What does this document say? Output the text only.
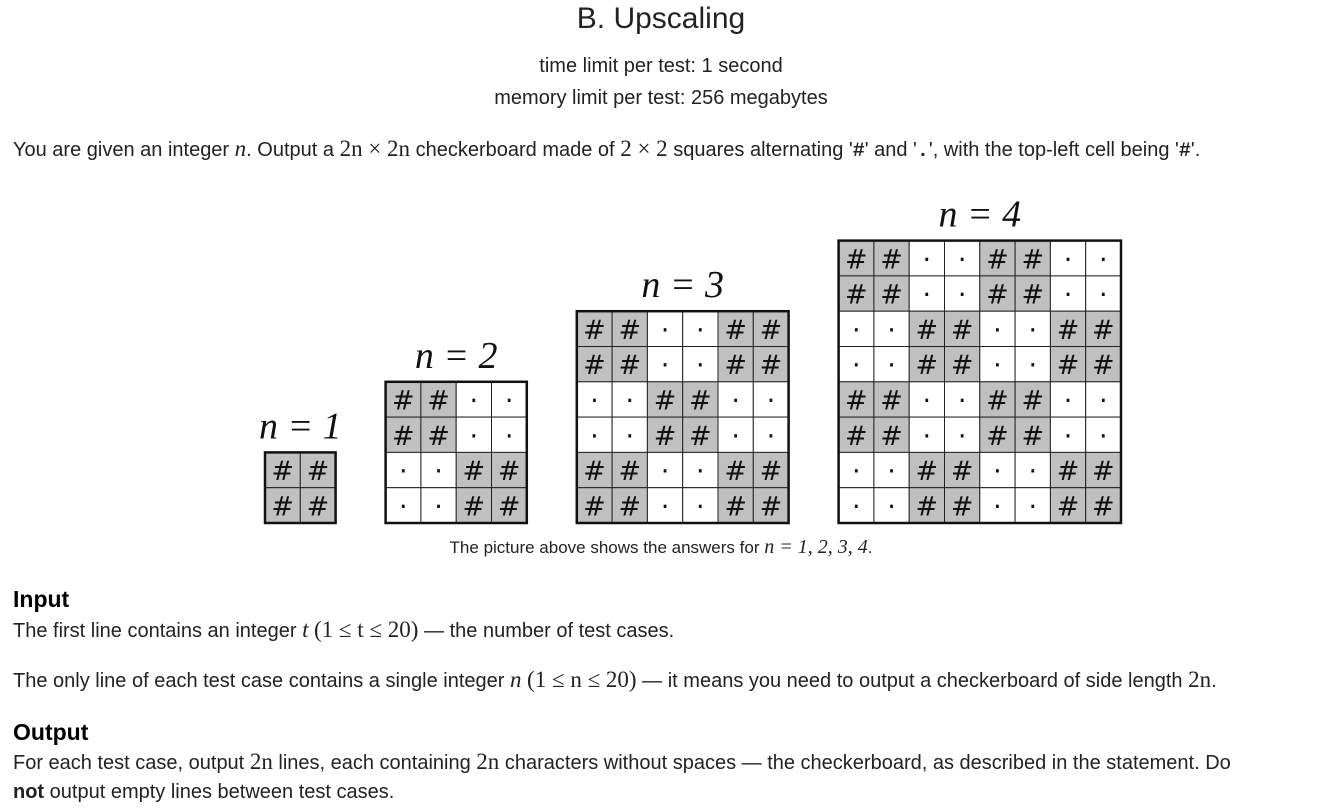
B. Upscaling
time limit per test: 1 second
memory limit per test: 256 megabytes
You are given an integer n. Output a 2n × 2n checkerboard made of 2 × 2 squares alternating '#' and '.', with the top-left cell being '#'.
n = 1
# #
# #
n = 2
# # · ·
# # · ·
· · # #
· · # #
n = 3
# # · · # #
# # · · # #
· · # # · ·
· · # # · ·
# # · · # #
# # · · # #
n = 4
# # · · # # · ·
# # · · # # · ·
· · # # · · # #
· · # # · · # #
# # · · # # · ·
# # · · # # · ·
· · # # · · # #
· · # # · · # #
The picture above shows the answers for n = 1, 2, 3, 4.
Input
The first line contains an integer t (1 ≤ t ≤ 20) — the number of test cases.
The only line of each test case contains a single integer n (1 ≤ n ≤ 20) — it means you need to output a checkerboard of side length 2n.
Output
For each test case, output 2n lines, each containing 2n characters without spaces — the checkerboard, as described in the statement. Do
not output empty lines between test cases.
